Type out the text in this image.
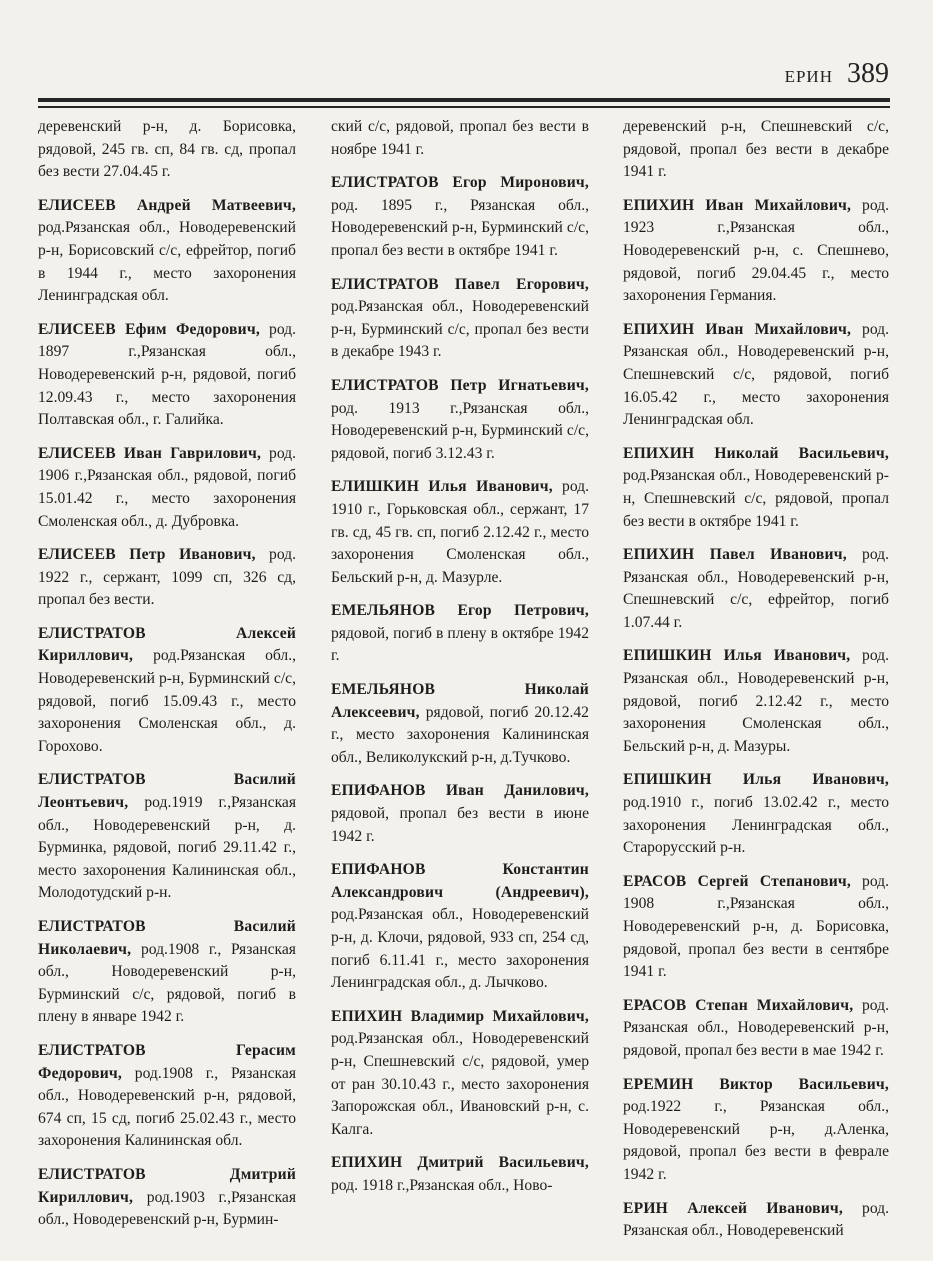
ЕРИН 389

деревенский р-н, д. Борисовка, рядовой, 245 гв. сп, 84 гв. сд, пропал без вести 27.04.45 г.

ЕЛИСЕЕВ Андрей Матвеевич, род.Рязанская обл., Новодеревенский р-н, Борисовский с/с, ефрейтор, погиб в 1944 г., место захоронения Ленинградская обл.

ЕЛИСЕЕВ Ефим Федорович, род. 1897 г.,Рязанская обл., Новодеревенский р-н, рядовой, погиб 12.09.43 г., место захоронения Полтавская обл., г. Галийка.

ЕЛИСЕЕВ Иван Гаврилович, род. 1906 г.,Рязанская обл., рядовой, погиб 15.01.42 г., место захоронения Смоленская обл., д. Дубровка.

ЕЛИСЕЕВ Петр Иванович, род. 1922 г., сержант, 1099 сп, 326 сд, пропал без вести.

ЕЛИСТРАТОВ Алексей Кириллович, род.Рязанская обл., Новодеревенский р-н, Бурминский с/с, рядовой, погиб 15.09.43 г., место захоронения Смоленская обл., д. Горохово.

ЕЛИСТРАТОВ Василий Леонтьевич, род.1919 г.,Рязанская обл., Новодеревенский р-н, д. Бурминка, рядовой, погиб 29.11.42 г., место захоронения Калининская обл., Молодотудский р-н.

ЕЛИСТРАТОВ Василий Николаевич, род.1908 г., Рязанская обл., Новодеревенский р-н, Бурминский с/с, рядовой, погиб в плену в январе 1942 г.

ЕЛИСТРАТОВ Герасим Федорович, род.1908 г., Рязанская обл., Новодеревенский р-н, рядовой, 674 сп, 15 сд, погиб 25.02.43 г., место захоронения Калининская обл.

ЕЛИСТРАТОВ Дмитрий Кириллович, род.1903 г.,Рязанская обл., Новодеревенский р-н, Бурмин-

ский с/с, рядовой, пропал без вести в ноябре 1941 г.

ЕЛИСТРАТОВ Егор Миронович, род. 1895 г., Рязанская обл., Новодеревенский р-н, Бурминский с/с, пропал без вести в октябре 1941 г.

ЕЛИСТРАТОВ Павел Егорович, род.Рязанская обл., Новодеревенский р-н, Бурминский с/с, пропал без вести в декабре 1943 г.

ЕЛИСТРАТОВ Петр Игнатьевич, род. 1913 г.,Рязанская обл., Новодеревенский р-н, Бурминский с/с, рядовой, погиб 3.12.43 г.

ЕЛИШКИН Илья Иванович, род. 1910 г., Горьковская обл., сержант, 17 гв. сд, 45 гв. сп, погиб 2.12.42 г., место захоронения Смоленская обл., Бельский р-н, д. Мазурле.

ЕМЕЛЬЯНОВ Егор Петрович, рядовой, погиб в плену в октябре 1942 г.

ЕМЕЛЬЯНОВ Николай Алексеевич, рядовой, погиб 20.12.42 г., место захоронения Калининская обл., Великолукский р-н, д.Тучково.

ЕПИФАНОВ Иван Данилович, рядовой, пропал без вести в июне 1942 г.

ЕПИФАНОВ Константин Александрович (Андреевич), род.Рязанская обл., Новодеревенский р-н, д. Клочи, рядовой, 933 сп, 254 сд, погиб 6.11.41 г., место захоронения Ленинградская обл., д. Лычково.

ЕПИХИН Владимир Михайлович, род.Рязанская обл., Новодеревенский р-н, Спешневский с/с, рядовой, умер от ран 30.10.43 г., место захоронения Запорожская обл., Ивановский р-н, с. Калга.

ЕПИХИН Дмитрий Васильевич, род. 1918 г.,Рязанская обл., Ново-

деревенский р-н, Спешневский с/с, рядовой, пропал без вести в декабре 1941 г.

ЕПИХИН Иван Михайлович, род. 1923 г.,Рязанская обл., Новодеревенский р-н, с. Спешнево, рядовой, погиб 29.04.45 г., место захоронения Германия.

ЕПИХИН Иван Михайлович, род. Рязанская обл., Новодеревенский р-н, Спешневский с/с, рядовой, погиб 16.05.42 г., место захоронения Ленинградская обл.

ЕПИХИН Николай Васильевич, род.Рязанская обл., Новодеревенский р-н, Спешневский с/с, рядовой, пропал без вести в октябре 1941 г.

ЕПИХИН Павел Иванович, род. Рязанская обл., Новодеревенский р-н, Спешневский с/с, ефрейтор, погиб 1.07.44 г.

ЕПИШКИН Илья Иванович, род. Рязанская обл., Новодеревенский р-н, рядовой, погиб 2.12.42 г., место захоронения Смоленская обл., Бельский р-н, д. Мазуры.

ЕПИШКИН Илья Иванович, род.1910 г., погиб 13.02.42 г., место захоронения Ленинградская обл., Старорусский р-н.

ЕРАСОВ Сергей Степанович, род. 1908 г.,Рязанская обл., Новодеревенский р-н, д. Борисовка, рядовой, пропал без вести в сентябре 1941 г.

ЕРАСОВ Степан Михайлович, род. Рязанская обл., Новодеревенский р-н, рядовой, пропал без вести в мае 1942 г.

ЕРЕМИН Виктор Васильевич, род.1922 г., Рязанская обл., Новодеревенский р-н, д.Аленка, рядовой, пропал без вести в феврале 1942 г.

ЕРИН Алексей Иванович, род. Рязанская обл., Новодеревенский
